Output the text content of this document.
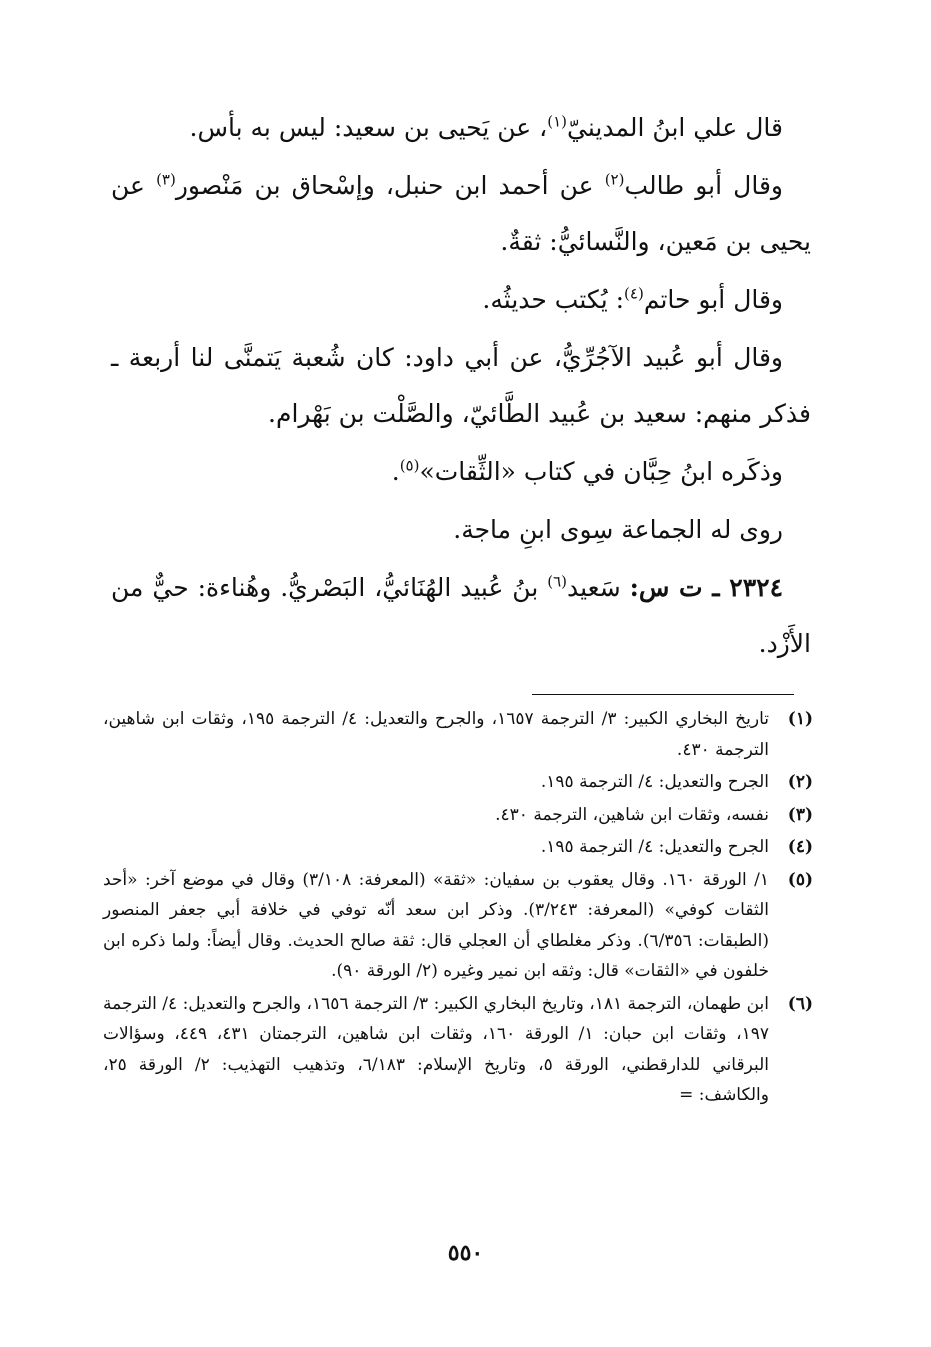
قال علي ابنُ المدينيّ$^{(١)}$، عن يَحيى بن سعيد: ليس به بأس.

وقال أبو طالب$^{(٢)}$ عن أحمد ابن حنبل، وإسْحاق بن مَنْصور$^{(٣)}$ عن يحيى بن مَعين، والنَّسائيُّ: ثقةٌ.

وقال أبو حاتم$^{(٤)}$: يُكتب حديثُه.

وقال أبو عُبيد الآجُرِّيُّ، عن أبي داود: كان شُعبة يَتمنَّى لنا أربعة ـ فذكر منهم: سعيد بن عُبيد الطَّائيّ، والصَّلْت بن بَهْرام.

وذكَره ابنُ حِبَّان في كتاب «الثِّقات»$^{(٥)}$.

روى له الجماعة سِوى ابنِ ماجة.

٢٣٢٤ ـ ت س: سَعيد$^{(٦)}$ بنُ عُبيد الهُنَائيُّ، البَصْريُّ. وهُناءة: حيٌّ من الأَزْد.

(١)
تاريخ البخاري الكبير: ٣/ الترجمة ١٦٥٧، والجرح والتعديل: ٤/ الترجمة ١٩٥، وثقات ابن شاهين، الترجمة ٤٣٠.
(٢)
الجرح والتعديل: ٤/ الترجمة ١٩٥.
(٣)
نفسه، وثقات ابن شاهين، الترجمة ٤٣٠.
(٤)
الجرح والتعديل: ٤/ الترجمة ١٩٥.
(٥)
١/ الورقة ١٦٠. وقال يعقوب بن سفيان: «ثقة» (المعرفة: ٣/١٠٨) وقال في موضع آخر: «أحد الثقات كوفي» (المعرفة: ٣/٢٤٣). وذكر ابن سعد أنّه توفي في خلافة أبي جعفر المنصور (الطبقات: ٦/٣٥٦). وذكر مغلطاي أن العجلي قال: ثقة صالح الحديث. وقال أيضاً: ولما ذكره ابن خلفون في «الثقات» قال: وثقه ابن نمير وغيره (٢/ الورقة ٩٠).
(٦)
ابن طهمان، الترجمة ١٨١، وتاريخ البخاري الكبير: ٣/ الترجمة ١٦٥٦، والجرح والتعديل: ٤/ الترجمة ١٩٧، وثقات ابن حبان: ١/ الورقة ١٦٠، وثقات ابن شاهين، الترجمتان ٤٣١، ٤٤٩، وسؤالات البرقاني للدارقطني، الورقة ٥، وتاريخ الإسلام: ٦/١٨٣، وتذهيب التهذيب: ٢/ الورقة ٢٥، والكاشف: =
٥٥٠
